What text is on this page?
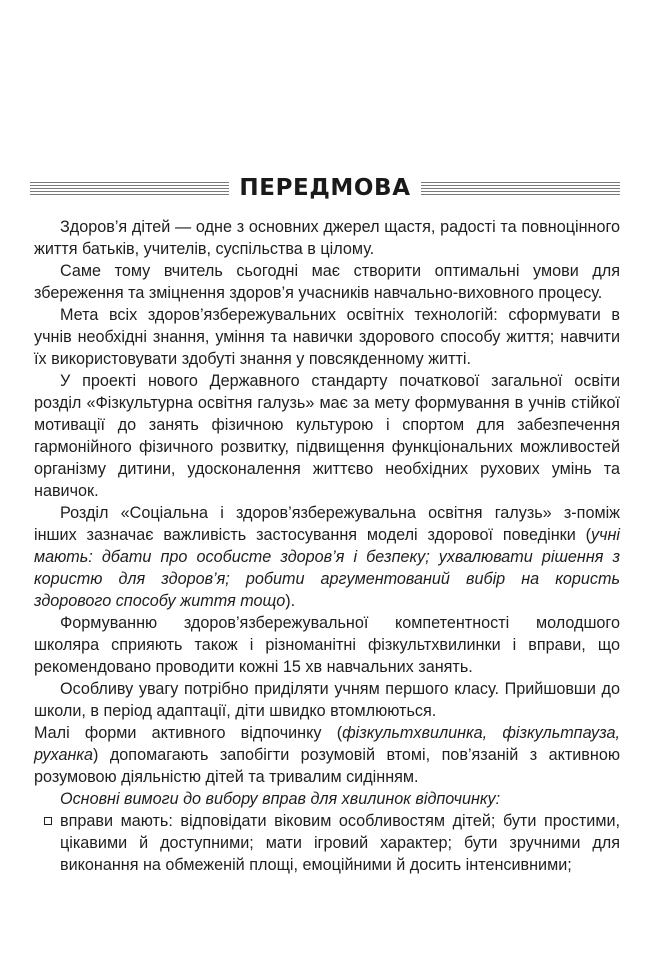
ПЕРЕДМОВА

Здоров’я дітей — одне з основних джерел щастя, радості та повноцінного життя батьків, учителів, суспільства в цілому.

Саме тому вчитель сьогодні має створити оптимальні умови для збереження та зміцнення здоров’я учасників навчально-виховного процесу.

Мета всіх здоров’язбережувальних освітніх технологій: сформувати в учнів необхідні знання, уміння та навички здорового способу життя; навчити їх використовувати здобуті знання у повсякденному житті.

У проекті нового Державного стандарту початкової загальної освіти розділ «Фізкультурна освітня галузь» має за мету формування в учнів стійкої мотивації до занять фізичною культурою і спортом для забезпечення гармонійного фізичного розвитку, підвищення функціональних можливостей організму дитини, удосконалення життєво необхідних рухових умінь та навичок.

Розділ «Соціальна і здоров’язбережувальна освітня галузь» з-поміж інших зазначає важливість застосування моделі здорової поведінки (учні мають: дбати про особисте здоров’я і безпеку; ухвалювати рішення з користю для здоров’я; робити аргументований вибір на користь здорового способу життя тощо).

Формуванню здоров’язбережувальної компетентності молодшого школяра сприяють також і різноманітні фізкультхвилинки і вправи, що рекомендовано проводити кожні 15 хв навчальних занять.

Особливу увагу потрібно приділяти учням першого класу. Прийшовши до школи, в період адаптації, діти швидко втомлюються.

Малі форми активного відпочинку (фізкультхвилинка, фізкультпауза, руханка) допомагають запобігти розумовій втомі, пов’язаній з активною розумовою діяльністю дітей та тривалим сидінням.

Основні вимоги до вибору вправ для хвилинок відпочинку:

вправи мають: відповідати віковим особливостям дітей; бути простими, цікавими й доступними; мати ігровий характер; бути зручними для виконання на обмеженій площі, емоційними й досить інтенсивними;
